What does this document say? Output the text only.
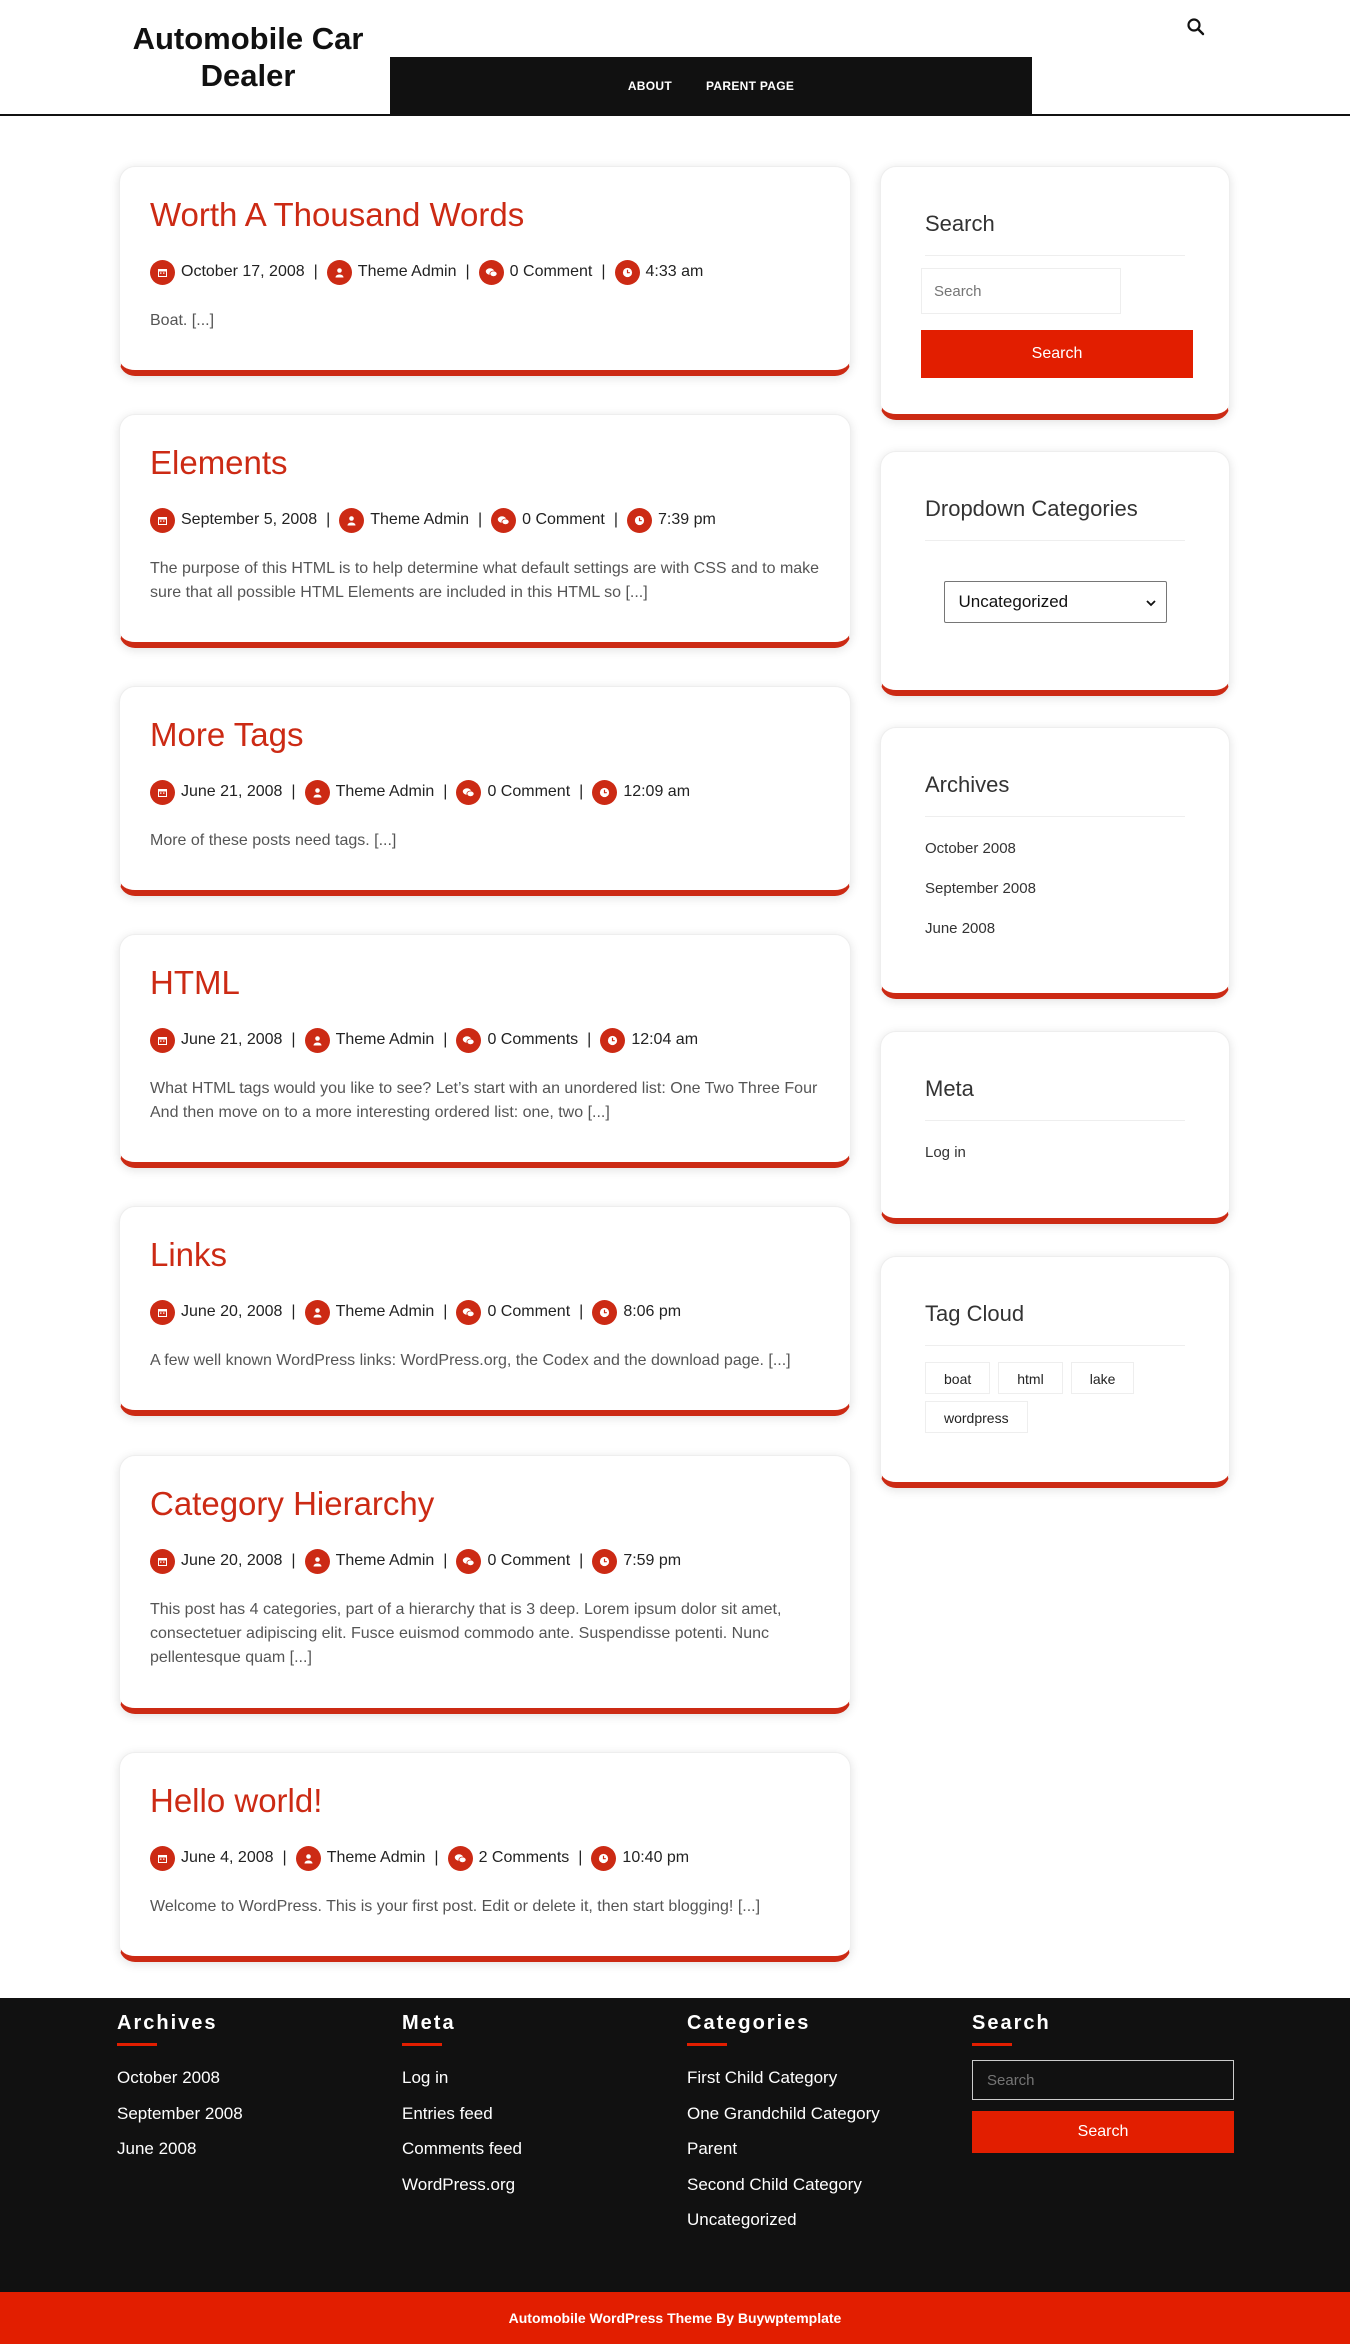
Automobile Car Dealer	ABOUT	PARENT PAGE
Worth A Thousand Words
October 17, 2008 |	Theme Admin |	0 Comment |	4:33 am

Boat. [...]

Elements
September 5, 2008 |	Theme Admin |	0 Comment |	7:39 pm

The purpose of this HTML is to help determine what default settings are with CSS and to make sure that all possible HTML Elements are included in this HTML so [...]

More Tags
June 21, 2008 |	Theme Admin |	0 Comment |	12:09 am

More of these posts need tags. [...]

HTML
June 21, 2008 |	Theme Admin |	0 Comments |	12:04 am

What HTML tags would you like to see? Let’s start with an unordered list: One Two Three Four And then move on to a more interesting ordered list: one, two [...]

Links
June 20, 2008 |	Theme Admin |	0 Comment |	8:06 pm

A few well known WordPress links: WordPress.org, the Codex and the download page. [...]

Category Hierarchy
June 20, 2008 |	Theme Admin |	0 Comment |	7:59 pm

This post has 4 categories, part of a hierarchy that is 3 deep. Lorem ipsum dolor sit amet, consectetuer adipiscing elit. Fusce euismod commodo ante. Suspendisse potenti. Nunc pellentesque quam [...]

Hello world!
June 4, 2008 |	Theme Admin |	2 Comments |	10:40 pm

Welcome to WordPress. This is your first post. Edit or delete it, then start blogging! [...]

Search
Search
Search
Dropdown Categories
Uncategorized
Archives
October 2008
September 2008
June 2008
Meta
Log in
Tag Cloud
boat	html	lake
wordpress
Archives
October 2008
September 2008
June 2008
Meta
Log in
Entries feed
Comments feed
WordPress.org
Categories
First Child Category
One Grandchild Category
Parent
Second Child Category
Uncategorized
Search
Search
Search
Automobile WordPress Theme By Buywptemplate
